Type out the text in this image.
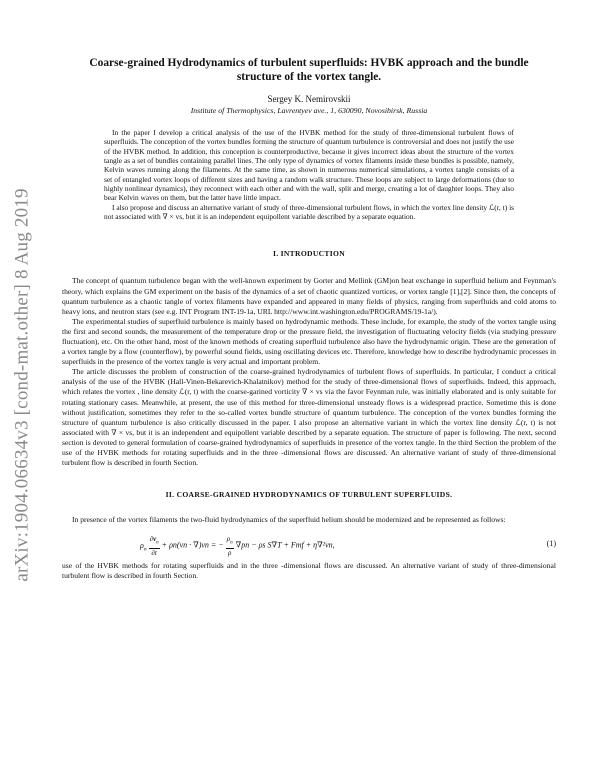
arXiv:1904.06634v3 [cond-mat.other] 8 Aug 2019
Coarse-grained Hydrodynamics of turbulent superfluids: HVBK approach and the bundle structure of the vortex tangle.
Sergey K. Nemirovskii
Institute of Thermophysics, Lavrentyev ave., 1, 630090, Novosibirsk, Russia

In the paper I develop a critical analysis of the use of the HVBK method for the study of three-dimensional turbulent flows of superfluids. The conception of the vortex bundles forming the structure of quantum turbulence is controversial and does not justify the use of the HVBK method. In addition, this conception is counterproductive, because it gives incorrect ideas about the structure of the vortex tangle as a set of bundles containing parallel lines. The only type of dynamics of vortex filaments inside these bundles is possible, namely, Kelvin waves running along the filaments. At the same time, as shown in numerous numerical simulations, a vortex tangle consists of a set of entangled vortex loops of different sizes and having a random walk structure. These loops are subject to large deformations (due to highly nonlinear dynamics), they reconnect with each other and with the wall, split and merge, creating a lot of daughter loops. They also bear Kelvin waves on them, but the latter have little impact.

I also propose and discuss an alternative variant of study of three-dimensional turbulent flows, in which the vortex line density ℒ(r, t) is not associated with ∇ × vs, but it is an independent equipollent variable described by a separate equation.

I. INTRODUCTION

The concept of quantum turbulence began with the well-known experiment by Gorter and Mellink (GM)on heat exchange in superfluid helium and Feynman's theory, which explains the GM experiment on the basis of the dynamics of a set of chaotic quantized vortices, or vortex tangle [1],[2]. Since then, the concepts of quantum turbulence as a chaotic tangle of vortex filaments have expanded and appeared in many fields of physics, ranging from superfluids and cold atoms to heavy ions, and neutron stars (see e.g. INT Program INT-19-1a, URL http://www.int.washington.edu/PROGRAMS/19-1a/).

The experimental studies of superfluid turbulence is mainly based on hydrodynamic methods. These include, for example, the study of the vortex tangle using the first and second sounds, the measurement of the temperature drop or the pressure field, the investigation of fluctuating velocity fields (via studying pressure fluctuation), etc. On the other hand, most of the known methods of creating superfluid turbulence also have the hydrodynamic origin. These are the generation of a vortex tangle by a flow (counterflow), by powerful sound fields, using oscillating devices etc. Therefore, knowledge how to describe hydrodynamic processes in superfluids in the presence of the vortex tangle is very actual and important problem.

The article discusses the problem of construction of the coarse-grained hydrodynamics of turbulent flows of superfluids. In particular, I conduct a critical analysis of the use of the HVBK (Hall-Vinen-Bekarevich-Khalatnikov) method for the study of three-dimensional flows of superfluids. Indeed, this approach, which relates the vortex , line density ℒ(r, t) with the coarse-garined vorticity ∇ × vs via the favor Feynman rule, was initially elaborated and is only suitable for rotating stationary cases. Meanwhile, at present, the use of this method for three-dimensional unsteady flows is a widespread practice. Sometime this is done without justification, sometimes they refer to the so-called vortex bundle structure of quantum turbulence. The conception of the vortex bundles forming the structure of quantum turbulence is also critically discussed in the paper. I also propose an alternative variant in which the vortex line density ℒ(r, t) is not associated with ∇ × vs, but it is an independent and equipollent variable described by a separate equation. The structure of paper is following. The next, second section is devoted to general formulation of coarse-grained hydrodynamics of superfluids in presence of the vortex tangle. In the third Section the problem of the use of the HVBK methods for rotating superfluids and in the three -dimensional flows are discussed. An alternative variant of study of three-dimensional turbulent flow is described in fourth Section.

II. COARSE-GRAINED HYDRODYNAMICS OF TURBULENT SUPERFLUIDS.

In presence of the vortex filaments the two-fluid hydrodynamics of the superfluid helium should be modernized and be represented as follows:

$\rho_n \frac{\partial v_n}{\partial t} + \rho n(vn \cdot \nabla)vn$ = − $\frac{\rho_n}{\rho} \nabla pn - \rho s$ S∇T + Fmf + η∇²vn,	(1)

use of the HVBK methods for rotating superfluids and in the three -dimensional flows are discussed. An alternative variant of study of three-dimensional turbulent flow is described in fourth Section.
